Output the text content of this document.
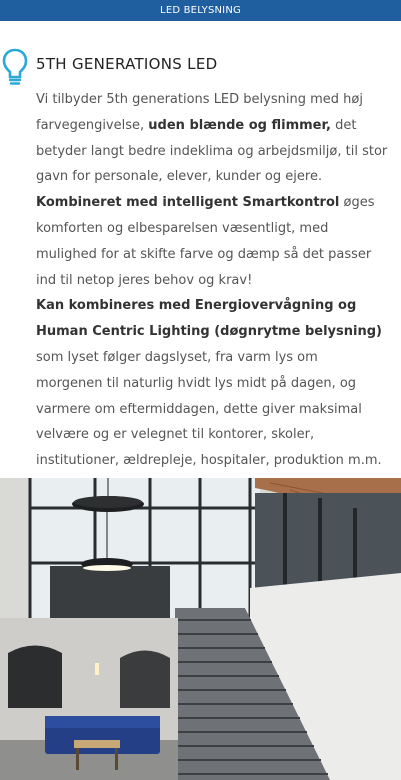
LED BELYSNING
5TH GENERATIONS LED
Vi tilbyder 5th generations LED belysning med høj farvegengivelse, uden blænde og flimmer, det betyder langt bedre indeklima og arbejdsmiljø, til stor gavn for personale, elever, kunder og ejere.
Kombineret med intelligent Smartkontrol øges komforten og elbesparelsen væsentligt, med mulighed for at skifte farve og dæmp så det passer ind til netop jeres behov og krav!
Kan kombineres med Energiovervågning og Human Centric Lighting (døgnrytme belysning) som lyset følger dagslyset, fra varm lys om morgenen til naturlig hvidt lys midt på dagen, og varmere om eftermiddagen, dette giver maksimal velvære og er velegnet til kontorer, skoler, institutioner, ældrepleje, hospitaler, produktion m.m.
